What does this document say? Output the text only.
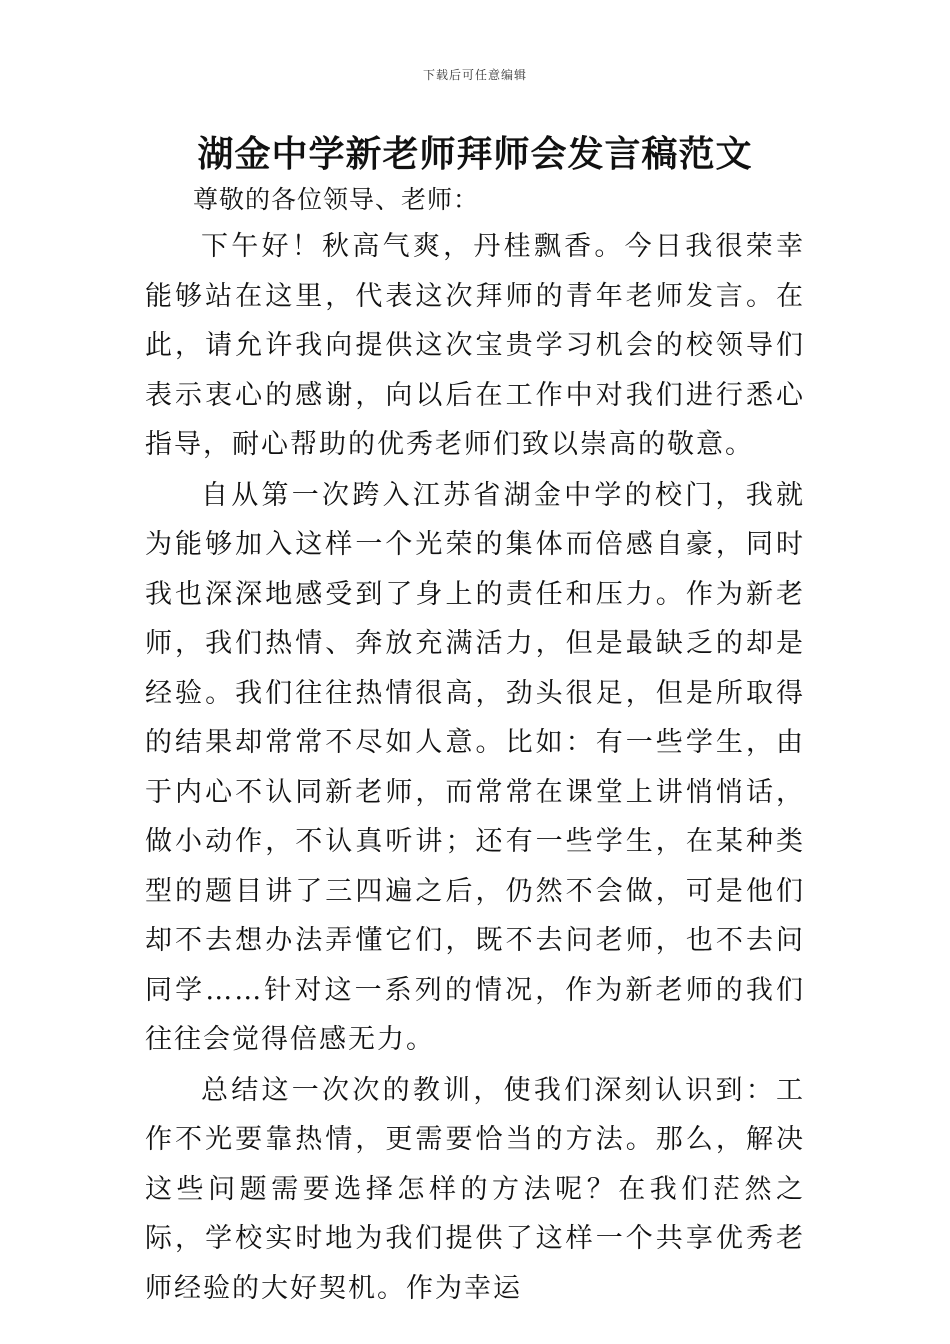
下载后可任意编辑
湖金中学新老师拜师会发言稿范文

尊敬的各位领导、老师：

下午好！秋高气爽，丹桂飘香。今日我很荣幸能够站在这里，代表这次拜师的青年老师发言。在此，请允许我向提供这次宝贵学习机会的校领导们表示衷心的感谢，向以后在工作中对我们进行悉心指导，耐心帮助的优秀老师们致以崇高的敬意。

自从第一次跨入江苏省湖金中学的校门，我就为能够加入这样一个光荣的集体而倍感自豪，同时我也深深地感受到了身上的责任和压力。作为新老师，我们热情、奔放充满活力，但是最缺乏的却是经验。我们往往热情很高，劲头很足，但是所取得的结果却常常不尽如人意。比如：有一些学生，由于内心不认同新老师，而常常在课堂上讲悄悄话，做小动作，不认真听讲；还有一些学生，在某种类型的题目讲了三四遍之后，仍然不会做，可是他们却不去想办法弄懂它们，既不去问老师，也不去问同学……针对这一系列的情况，作为新老师的我们往往会觉得倍感无力。

总结这一次次的教训，使我们深刻认识到：工作不光要靠热情，更需要恰当的方法。那么，解决这些问题需要选择怎样的方法呢？在我们茫然之际，学校实时地为我们提供了这样一个共享优秀老师经验的大好契机。作为幸运
